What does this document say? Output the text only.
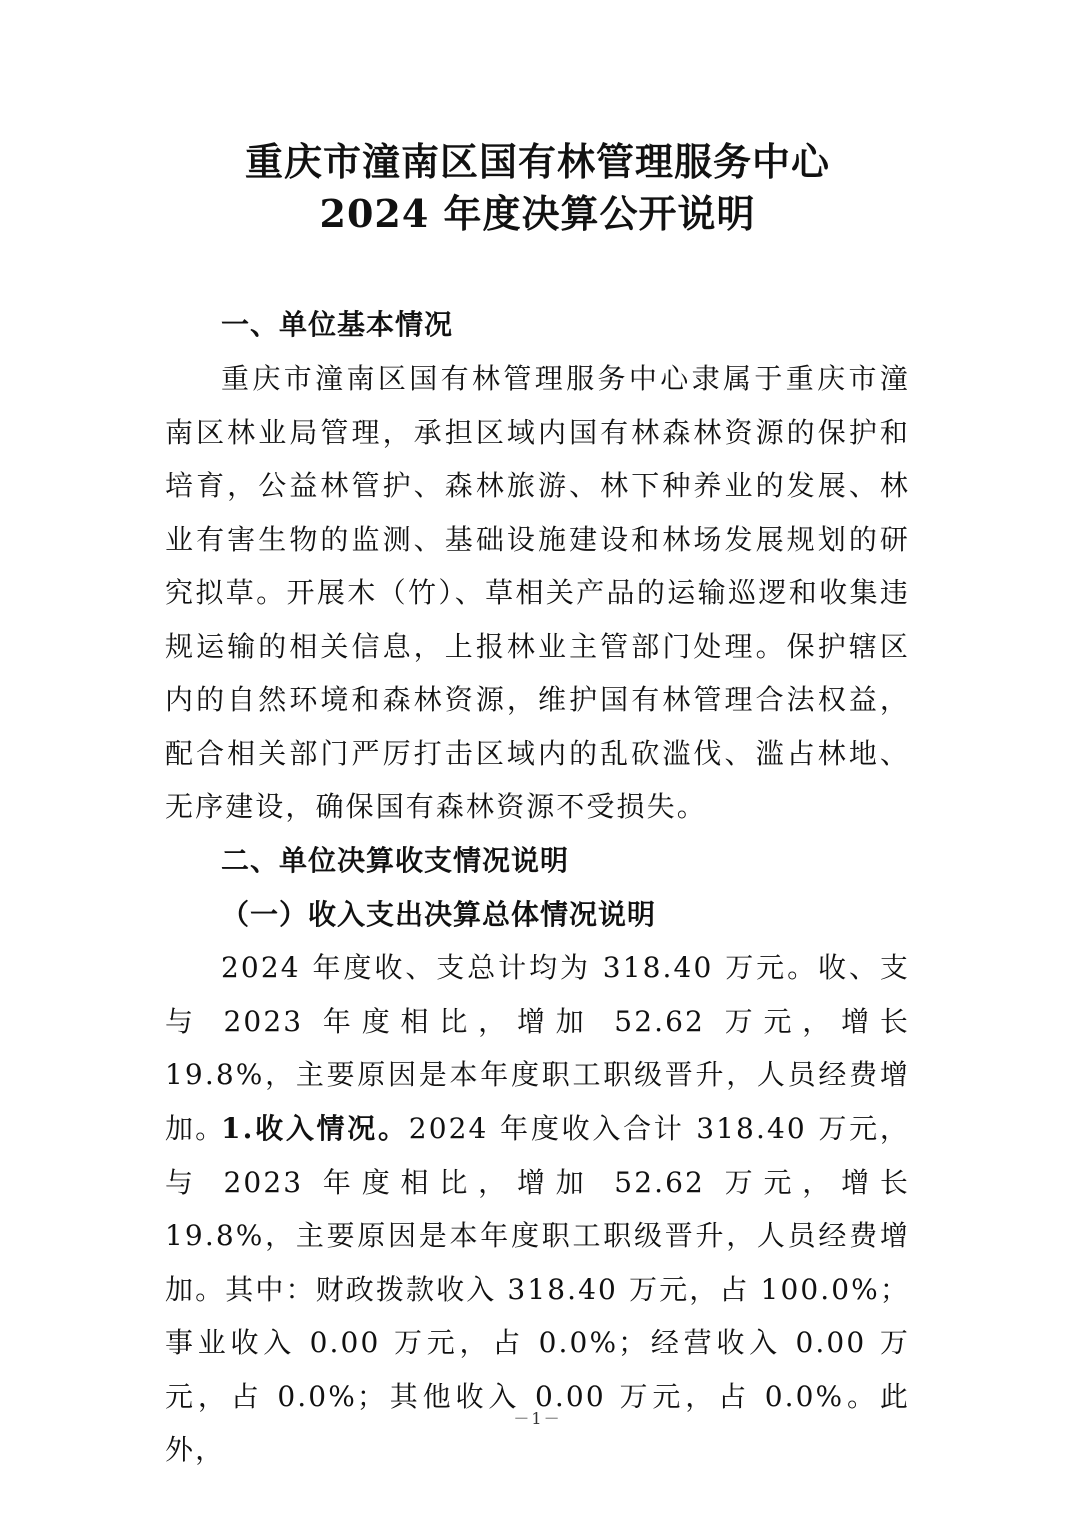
重庆市潼南区国有林管理服务中心
2024 年度决算公开说明
一、单位基本情况
重庆市潼南区国有林管理服务中心隶属于重庆市潼南区林业局管理，承担区域内国有林森林资源的保护和培育，公益林管护、森林旅游、林下种养业的发展、林业有害生物的监测、基础设施建设和林场发展规划的研究拟草。开展木（竹）、草相关产品的运输巡逻和收集违规运输的相关信息，上报林业主管部门处理。保护辖区内的自然环境和森林资源，维护国有林管理合法权益，配合相关部门严厉打击区域内的乱砍滥伐、滥占林地、无序建设，确保国有森林资源不受损失。
二、单位决算收支情况说明
（一）收入支出决算总体情况说明
2024 年度收、支总计均为 318.40 万元。收、支与 2023 年度相比，增加 52.62 万元，增长 19.8%，主要原因是本年度职工职级晋升，人员经费增加。
1.收入情况。2024 年度收入合计 318.40 万元，与 2023 年度相比，增加 52.62 万元，增长 19.8%，主要原因是本年度职工职级晋升，人员经费增加。其中：财政拨款收入 318.40 万元，占 100.0%；事业收入 0.00 万元，占 0.0%；经营收入 0.00 万元，占 0.0%；其他收入 0.00 万元，占 0.0%。此外，
－1－
